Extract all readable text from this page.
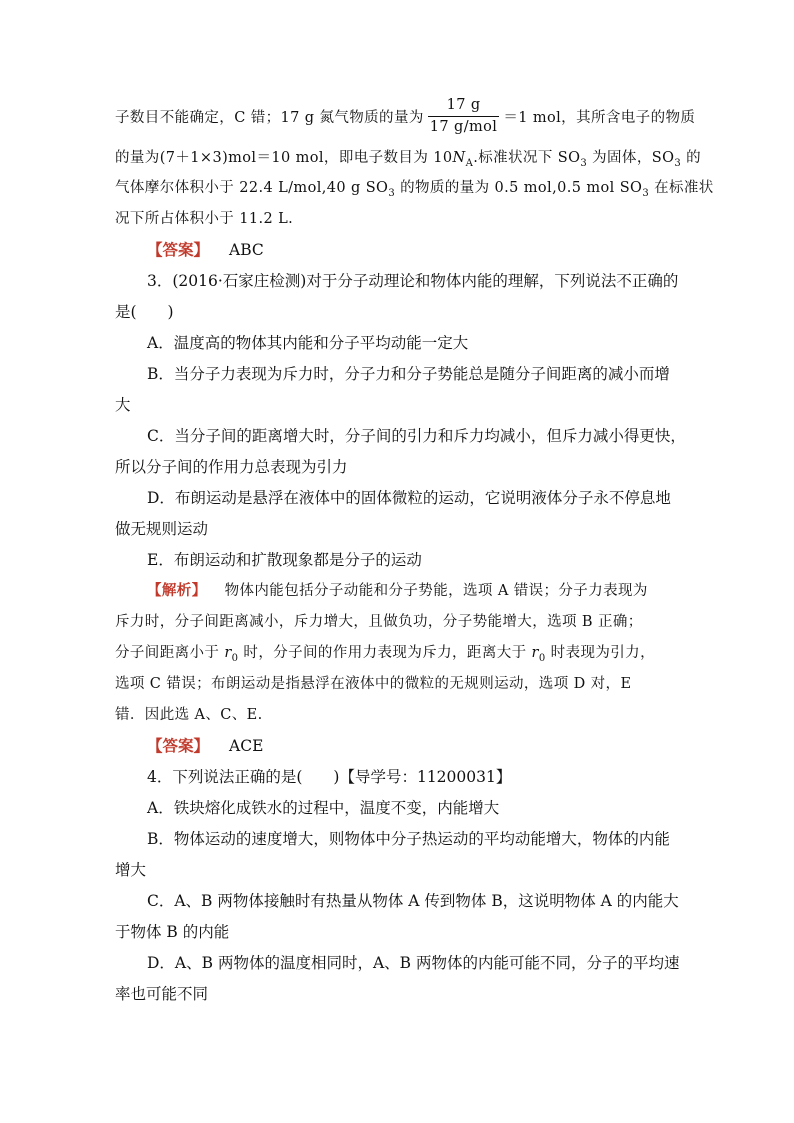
子数目不能确定，C 错；17 g 氮气物质的量为 $\frac{17 g}{\text{17 g/mol}} =1$ mol，其所含电子的物质
的量为(7＋1×3)mol＝10 mol，即电子数目为 $10N_A$.标准状况下 $SO_3$ 为固体，$SO_3$ 的
气体摩尔体积小于 22.4 L/mol,40 g $SO_3$ 的物质的量为 0.5 mol,0.5 mol $SO_3$ 在标准状
况下所占体积小于 11.2 L.
【答案】 ABC
3．(2016·石家庄检测)对于分子动理论和物体内能的理解，下列说法不正确的
是(　　)
A．温度高的物体其内能和分子平均动能一定大
B．当分子力表现为斥力时，分子力和分子势能总是随分子间距离的减小而增
大
C．当分子间的距离增大时，分子间的引力和斥力均减小，但斥力减小得更快，
所以分子间的作用力总表现为引力
D．布朗运动是悬浮在液体中的固体微粒的运动，它说明液体分子永不停息地
做无规则运动
E．布朗运动和扩散现象都是分子的运动
【解析】 物体内能包括分子动能和分子势能，选项 A 错误；分子力表现为
斥力时，分子间距离减小，斥力增大，且做负功，分子势能增大，选项 B 正确；
分子间距离小于 $r_0$ 时，分子间的作用力表现为斥力，距离大于 $r_0$ 时表现为引力，
选项 C 错误；布朗运动是指悬浮在液体中的微粒的无规则运动，选项 D 对，E
错．因此选 A、C、E.
【答案】 ACE
4．下列说法正确的是(　　)【导学号：11200031】
A．铁块熔化成铁水的过程中，温度不变，内能增大
B．物体运动的速度增大，则物体中分子热运动的平均动能增大，物体的内能
增大
C．A、B 两物体接触时有热量从物体 A 传到物体 B，这说明物体 A 的内能大
于物体 B 的内能
D．A、B 两物体的温度相同时，A、B 两物体的内能可能不同，分子的平均速
率也可能不同
